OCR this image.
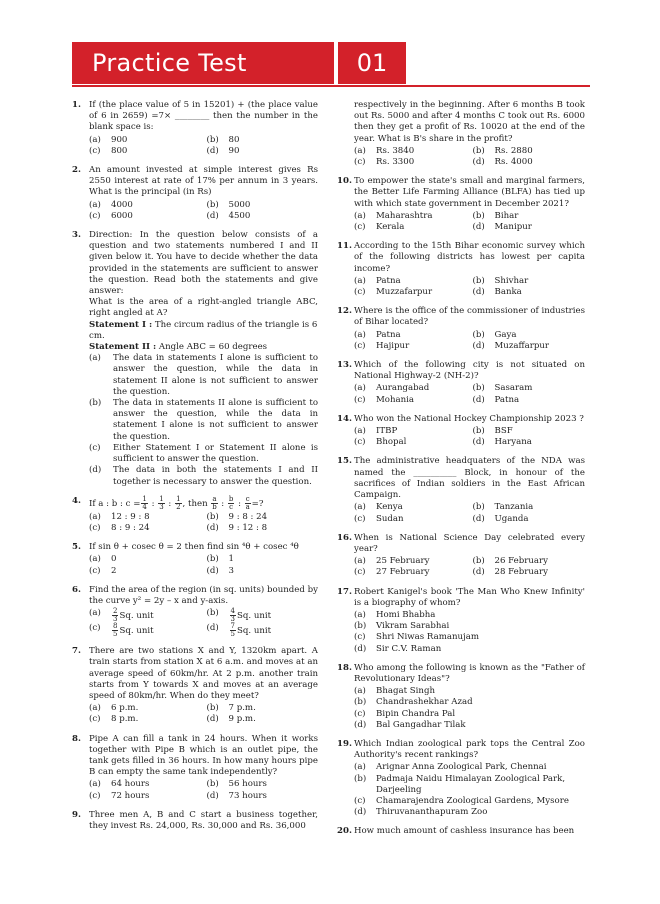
Practice Test	01
1. If (the place value of 5 in 15201) + (the place value of 6 in 2659) =7× ________ then the number in the blank space is:
(a)	900	(b)	80
(c)	800	(d)	90
2. An amount invested at simple interest gives Rs 2550 interest at rate of 17% per annum in 3 years. What is the principal (in Rs)
(a)	4000	(b)	5000
(c)	6000	(d)	4500
3. Direction: In the question below consists of a question and two statements numbered I and II given below it. You have to decide whether the data provided in the statements are sufficient to answer the question. Read both the statements and give answer:
What is the area of a right-angled triangle ABC, right angled at A?
Statement I : The circum radius of the triangle is 6 cm.
Statement II : Angle ABC = 60 degrees
(a)	The data in statements I alone is sufficient to answer the question, while the data in statement II alone is not sufficient to answer the question.
(b)	The data in statements II alone is sufficient to answer the question, while the data in statement I alone is not sufficient to answer the question.
(c)	Either Statement I or Statement II alone is sufficient to answer the question.
(d)	The data in both the statements I and II together is necessary to answer the question.
4. If a : b : $c = \frac{1}{4}$ : $\frac{1}{3}$ : $\frac{1}{2}$ , then $\frac{a}{b}$ : $\frac{b}{c}$ : $\frac{c}{a}$ =?
(a)	12 : 9 : 8	(b)	9 : 8 : 24
(c)	8 : 9 : 24	(d)	9 : 12 : 8
5. If sin θ + cosec θ = 2 then find sin ⁴θ + cosec ⁴θ
(a)	0	(b)	1
(c)	2	(d)	3
6. Find the area of the region (in sq. units) bounded by the curve y² = 2y – x and y-axis.
(a)	$\frac{2}{3} Sq$. unit	(b)	$\frac{4}{3} Sq$. unit
(c)	$\frac{8}{5} Sq$. unit	(d)	$\frac{7}{5} Sq$. unit
7. There are two stations X and Y, 1320km apart. A train starts from station X at 6 a.m. and moves at an average speed of 60km/hr. At 2 p.m. another train starts from Y towards X and moves at an average speed of 80km/hr. When do they meet?
(a)	6 p.m.	(b)	7 p.m.
(c)	8 p.m.	(d)	9 p.m.
8. Pipe A can fill a tank in 24 hours. When it works together with Pipe B which is an outlet pipe, the tank gets filled in 36 hours. In how many hours pipe B can empty the same tank independently?
(a)	64 hours	(b)	56 hours
(c)	72 hours	(d)	73 hours
9. Three men A, B and C start a business together, they invest Rs. 24,000, Rs. 30,000 and Rs. 36,000
respectively in the beginning. After 6 months B took out Rs. 5000 and after 4 months C took out Rs. 6000 then they get a profit of Rs. 10020 at the end of the year. What is B's share in the profit?
(a)	Rs. 3840	(b)	Rs. 2880
(c)	Rs. 3300	(d)	Rs. 4000
10. To empower the state's small and marginal farmers, the Better Life Farming Alliance (BLFA) has tied up with which state government in December 2021?
(a)	Maharashtra	(b)	Bihar
(c)	Kerala	(d)	Manipur
11. According to the 15th Bihar economic survey which of the following districts has lowest per capita income?
(a)	Patna	(b)	Shivhar
(c)	Muzzafarpur	(d)	Banka
12. Where is the office of the commissioner of industries of Bihar located?
(a)	Patna	(b)	Gaya
(c)	Hajipur	(d)	Muzaffarpur
13. Which of the following city is not situated on National Highway-2 (NH-2)?
(a)	Aurangabad	(b)	Sasaram
(c)	Mohania	(d)	Patna
14. Who won the National Hockey Championship 2023 ?
(a)	ITBP	(b)	BSF
(c)	Bhopal	(d)	Haryana
15. The administrative headquaters of the NDA was named the __________ Block, in honour of the sacrifices of Indian soldiers in the East African Campaign.
(a)	Kenya	(b)	Tanzania
(c)	Sudan	(d)	Uganda
16. When is National Science Day celebrated every year?
(a)	25 February	(b)	26 February
(c)	27 February	(d)	28 February
17. Robert Kanigel's book 'The Man Who Knew Infinity' is a biography of whom?
(a)	Homi Bhabha
(b)	Vikram Sarabhai
(c)	Shri Niwas Ramanujam
(d)	Sir C.V. Raman
18. Who among the following is known as the "Father of Revolutionary Ideas"?
(a)	Bhagat Singh
(b)	Chandrashekhar Azad
(c)	Bipin Chandra Pal
(d)	Bal Gangadhar Tilak
19. Which Indian zoological park tops the Central Zoo Authority's recent rankings?
(a)	Arignar Anna Zoological Park, Chennai
(b)	Padmaja Naidu Himalayan Zoological Park, Darjeeling
(c)	Chamarajendra Zoological Gardens, Mysore
(d)	Thiruvananthapuram Zoo
20. How much amount of cashless insurance has been
